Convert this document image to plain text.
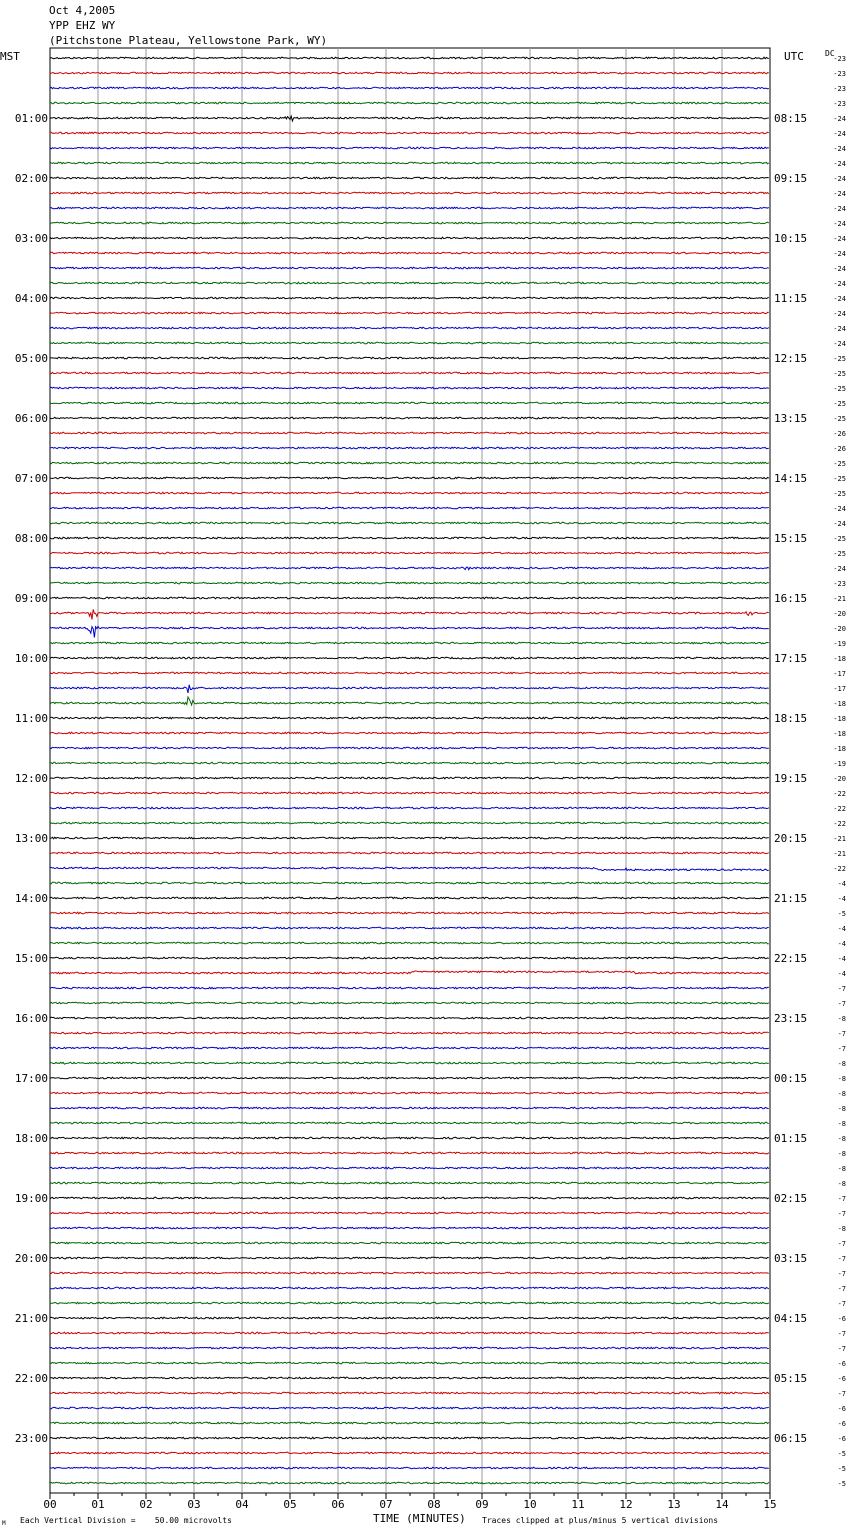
Oct 4,2005
YPP EHZ WY
(Pitchstone Plateau, Yellowstone Park, WY)
MST	UTC	DC
00	01	02	03	04	05	06	07	08	09	10	11	12	13	14	15
-23
-23
-23
-23
-24
01:00	08:15
-24
-24
-24
-24
02:00	09:15
-24
-24
-24
-24
03:00	10:15
-24
-24
-24
-24
04:00	11:15
-24
-24
-24
-25
05:00	12:15
-25
-25
-25
-25
06:00	13:15
-26
-26
-25
-25
07:00	14:15
-25
-24
-24
-25
08:00	15:15
-25
-24
-23
-21
09:00	16:15
-20
-20
-19
-18
10:00	17:15
-17
-17
-18
-18
11:00	18:15
-18
-18
-19
-20
12:00	19:15
-22
-22
-22
-21
13:00	20:15
-21
-22
-4
-4
14:00	21:15
-5
-4
-4
-4
15:00	22:15
-4
-7
-7
-8
16:00	23:15
-7
-7
-8
-8
17:00	00:15
-8
-8
-8
-8
18:00	01:15
-8
-8
-8
-7
19:00	02:15
-7
-8
-7
-7
20:00	03:15
-7
-7
-7
-6
21:00	04:15
-7
-7
-6
-6
22:00	05:15
-7
-6
-6
-6
23:00	06:15
-5
-5
-5
TIME (MINUTES)
Each Vertical Division =    50.00 microvolts	Traces clipped at plus/minus 5 vertical divisions
M
